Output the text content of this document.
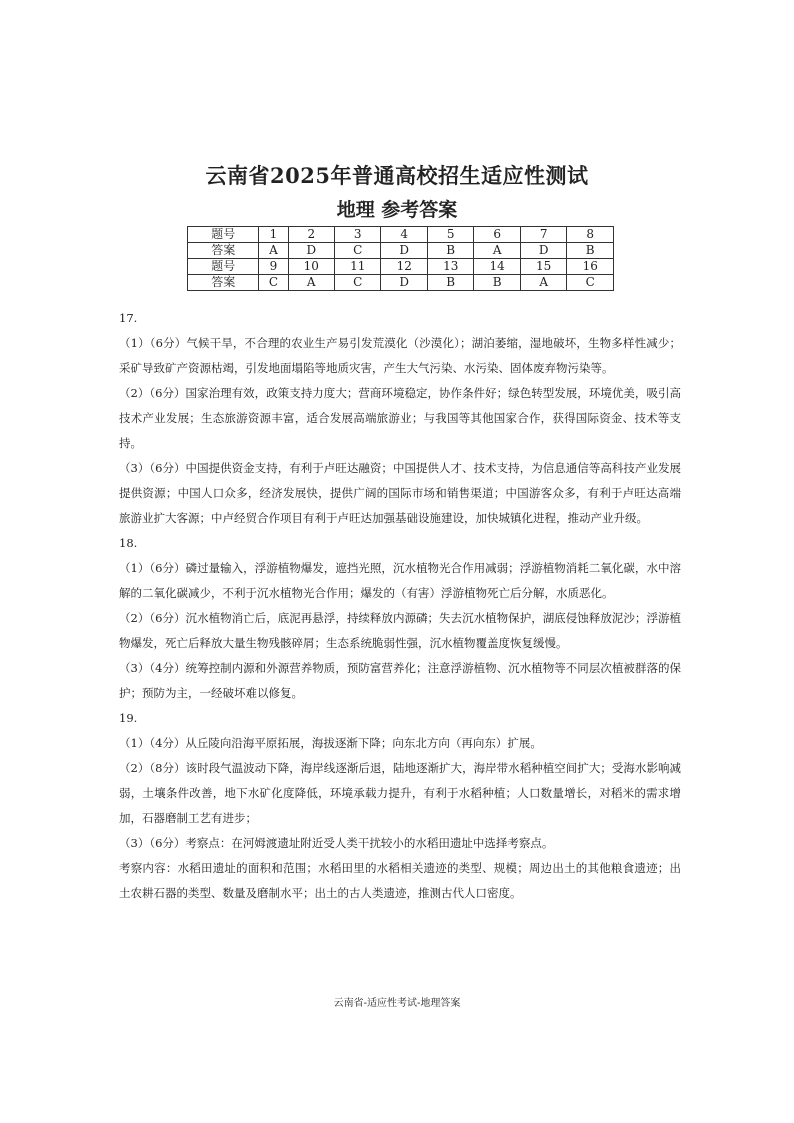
云南省2025年普通高校招生适应性测试
地理 参考答案
题号	1	2	3	4	5	6	7	8
答案	A	D	C	D	B	A	D	B
题号	9	10	11	12	13	14	15	16
答案	C	A	C	D	B	B	A	C
17.

（1）（6分）气候干旱，不合理的农业生产易引发荒漠化（沙漠化）；湖泊萎缩，湿地破坏，生物多样性减少；采矿导致矿产资源枯竭，引发地面塌陷等地质灾害，产生大气污染、水污染、固体废弃物污染等。

（2）（6分）国家治理有效，政策支持力度大；营商环境稳定，协作条件好；绿色转型发展，环境优美，吸引高技术产业发展；生态旅游资源丰富，适合发展高端旅游业；与我国等其他国家合作，获得国际资金、技术等支持。

（3）（6分）中国提供资金支持，有利于卢旺达融资；中国提供人才、技术支持，为信息通信等高科技产业发展提供资源；中国人口众多，经济发展快，提供广阔的国际市场和销售渠道；中国游客众多，有利于卢旺达高端旅游业扩大客源；中卢经贸合作项目有利于卢旺达加强基础设施建设，加快城镇化进程，推动产业升级。

18.

（1）（6分）磷过量输入，浮游植物爆发，遮挡光照，沉水植物光合作用减弱；浮游植物消耗二氧化碳，水中溶解的二氧化碳减少，不利于沉水植物光合作用；爆发的（有害）浮游植物死亡后分解，水质恶化。

（2）（6分）沉水植物消亡后，底泥再悬浮，持续释放内源磷；失去沉水植物保护，湖底侵蚀释放泥沙；浮游植物爆发，死亡后释放大量生物残骸碎屑；生态系统脆弱性强，沉水植物覆盖度恢复缓慢。

（3）（4分）统筹控制内源和外源营养物质，预防富营养化；注意浮游植物、沉水植物等不同层次植被群落的保护；预防为主，一经破坏难以修复。

19.

（1）（4分）从丘陵向沿海平原拓展，海拔逐渐下降；向东北方向（再向东）扩展。

（2）（8分）该时段气温波动下降，海岸线逐渐后退，陆地逐渐扩大，海岸带水稻种植空间扩大；受海水影响减弱，土壤条件改善，地下水矿化度降低，环境承载力提升，有利于水稻种植；人口数量增长，对稻米的需求增加，石器磨制工艺有进步；

（3）（6分）考察点：在河姆渡遗址附近受人类干扰较小的水稻田遗址中选择考察点。

考察内容：水稻田遗址的面积和范围；水稻田里的水稻相关遗迹的类型、规模；周边出土的其他粮食遗迹；出土农耕石器的类型、数量及磨制水平；出土的古人类遗迹，推测古代人口密度。

云南省-适应性考试-地理答案
